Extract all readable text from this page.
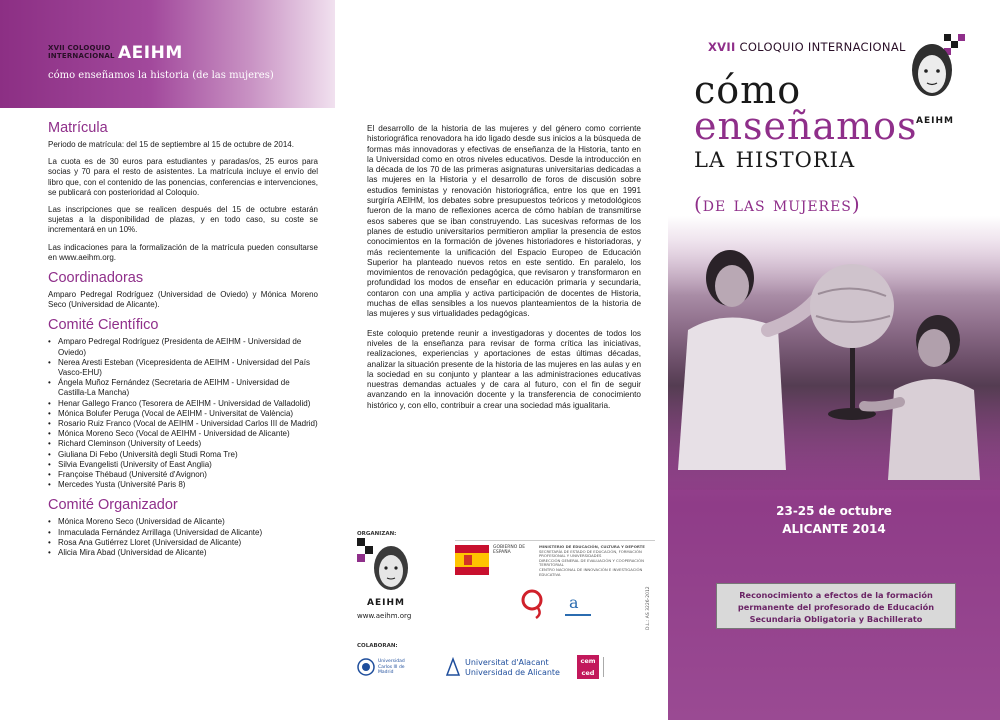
XVII COLOQUIO
INTERNACIONAL AEIHM
cómo enseñamos la historia (de las mujeres)
Matrícula

Periodo de matrícula: del 15 de septiembre al 15 de octubre de 2014.

La cuota es de 30 euros para estudiantes y paradas/os, 25 euros para socias y 70 para el resto de asistentes. La matrícula incluye el envío del libro que, con el contenido de las ponencias, conferencias e intervenciones, se publicará con posterioridad al Coloquio.

Las inscripciones que se realicen después del 15 de octubre estarán sujetas a la disponibilidad de plazas, y en todo caso, su coste se incrementará en un 10%.

Las indicaciones para la formalización de la matrícula pueden consultarse en www.aeihm.org.

Coordinadoras

Amparo Pedregal Rodríguez (Universidad de Oviedo) y Mónica Moreno Seco (Universidad de Alicante).

Comité Científico
• Amparo Pedregal Rodríguez (Presidenta de AEIHM - Universidad de Oviedo)
• Nerea Aresti Esteban (Vicepresidenta de AEIHM - Universidad del País Vasco-EHU)
• Ángela Muñoz Fernández (Secretaria de AEIHM - Universidad de Castilla-La Mancha)
• Henar Gallego Franco (Tesorera de AEIHM - Universidad de Valladolid)
• Mónica Bolufer Peruga (Vocal de AEIHM - Universitat de València)
• Rosario Ruiz Franco (Vocal de AEIHM - Universidad Carlos III de Madrid)
• Mónica Moreno Seco (Vocal de AEIHM - Universidad de Alicante)
• Richard Cleminson (University of Leeds)
• Giuliana Di Febo (Università degli Studi Roma Tre)
• Silvia Evangelisti (University of East Anglia)
• Françoise Thébaud (Université d'Avignon)
• Mercedes Yusta (Université Paris 8)
Comité Organizador
• Mónica Moreno Seco (Universidad de Alicante)
• Inmaculada Fernández Arrillaga (Universidad de Alicante)
• Rosa Ana Gutiérrez Lloret (Universidad de Alicante)
• Alicia Mira Abad (Universidad de Alicante)

El desarrollo de la historia de las mujeres y del género como corriente historiográfica renovadora ha ido ligado desde sus inicios a la búsqueda de formas más innovadoras y efectivas de enseñanza de la Historia, tanto en la Universidad como en otros niveles educativos. Desde la introducción en la década de los 70 de las primeras asignaturas universitarias dedicadas a las mujeres en la Historia y el desarrollo de foros de discusión sobre estudios feministas y renovación historiográfica, entre los que en 1991 surgiría AEIHM, los debates sobre presupuestos teóricos y metodológicos fueron de la mano de reflexiones acerca de cómo habían de transmitirse esos saberes que se iban construyendo. Las sucesivas reformas de los planes de estudio universitarios permitieron ampliar la presencia de estos conocimientos en la formación de jóvenes historiadores e historiadoras, y más recientemente la unificación del Espacio Europeo de Educación Superior ha planteado nuevos retos en este sentido. En paralelo, los movimientos de renovación pedagógica, que revisaron y transformaron en profundidad los modos de enseñar en educación primaria y secundaria, contaron con una amplia y activa participación de docentes de Historia, muchas de ellas sensibles a los nuevos planteamientos de la historia de las mujeres y sus virtualidades pedagógicas.

Este coloquio pretende reunir a investigadoras y docentes de todos los niveles de la enseñanza para revisar de forma crítica las iniciativas, realizaciones, experiencias y aportaciones de estas últimas décadas, analizar la situación presente de la historia de las mujeres en las aulas y en la sociedad en su conjunto y plantear a las administraciones educativas nuestras demandas actuales y de cara al futuro, con el fin de seguir avanzando en la innovación docente y la transferencia de conocimiento histórico y, con ello, contribuir a crear una sociedad más igualitaria.

ORGANIZAN:
AEIHM
www.aeihm.org
GOBIERNO DE ESPAÑA
MINISTERIO DE EDUCACIÓN, CULTURA Y DEPORTE
SECRETARÍA DE ESTADO DE EDUCACIÓN, FORMACIÓN PROFESIONAL Y UNIVERSIDADES
DIRECCIÓN GENERAL DE EVALUACIÓN Y COOPERACIÓN TERRITORIAL
CENTRO NACIONAL DE INNOVACIÓN E INVESTIGACIÓN EDUCATIVA
a
COLABORAN:
Universidad Carlos III de Madrid
Universitat d'Alacant
Universidad de Alicante
cem ced
D.L.: AS 3226-2012
XVII COLOQUIO INTERNACIONAL
AEIHM
cómo
enseñamos
la historia
(de las mujeres)
23-25 de octubre
ALICANTE 2014
Reconocimiento a efectos de la formación
permanente del profesorado de Educación
Secundaria Obligatoria y Bachillerato
